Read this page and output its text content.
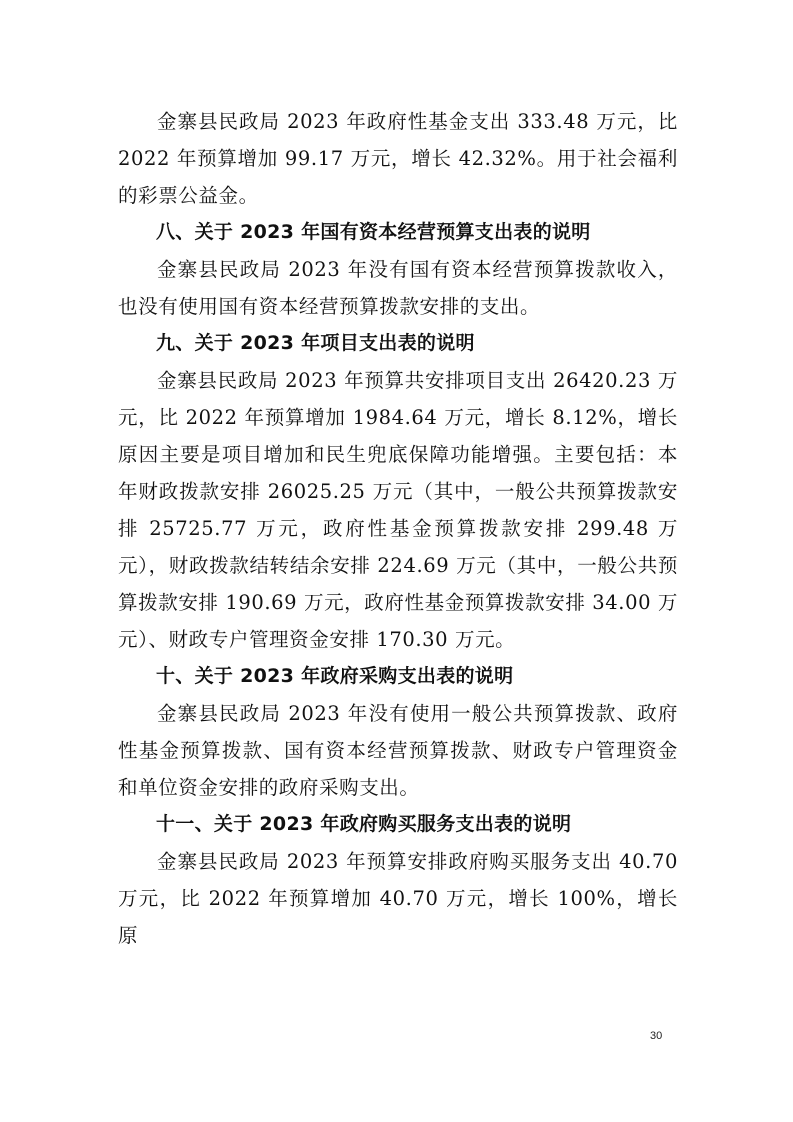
金寨县民政局 2023 年政府性基金支出 333.48 万元，比 2022 年预算增加 99.17 万元，增长 42.32%。用于社会福利的彩票公益金。

八、关于 2023 年国有资本经营预算支出表的说明

金寨县民政局 2023 年没有国有资本经营预算拨款收入，也没有使用国有资本经营预算拨款安排的支出。

九、关于 2023 年项目支出表的说明

金寨县民政局 2023 年预算共安排项目支出 26420.23 万元，比 2022 年预算增加 1984.64 万元，增长 8.12%，增长原因主要是项目增加和民生兜底保障功能增强。主要包括：本年财政拨款安排 26025.25 万元（其中，一般公共预算拨款安排 25725.77 万元，政府性基金预算拨款安排 299.48 万元），财政拨款结转结余安排 224.69 万元（其中，一般公共预算拨款安排 190.69 万元，政府性基金预算拨款安排 34.00 万元）、财政专户管理资金安排 170.30 万元。

十、关于 2023 年政府采购支出表的说明

金寨县民政局 2023 年没有使用一般公共预算拨款、政府性基金预算拨款、国有资本经营预算拨款、财政专户管理资金和单位资金安排的政府采购支出。

十一、关于 2023 年政府购买服务支出表的说明

金寨县民政局 2023 年预算安排政府购买服务支出 40.70 万元，比 2022 年预算增加 40.70 万元，增长 100%，增长原

30
